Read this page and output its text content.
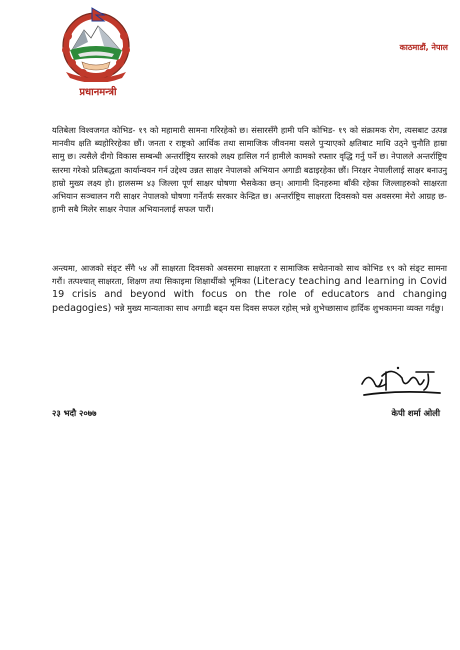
प्रधानमन्त्री
काठमाडौं, नेपाल
यतिबेला विश्वजगत कोभिड- १९ को महामारी सामना गरिरहेको छ। संसारसँगै हामी पनि कोभिड- १९ को संक्रामक रोग, त्यसबाट उत्पन्न मानवीय क्षति ब्यहोरिरहेका छौं। जनता र राष्ट्रको आर्थिक तथा सामाजिक जीवनमा यसले पुऱ्याएको क्षतिबाट माथि उठ्ने चुनौति हाम्रा सामु छ। त्यसैले दीगो विकास सम्बन्धी अन्तर्राष्ट्रिय स्तरको लक्ष्य हासिल गर्न हामीले कामको रफ्तार वृद्धि गर्नु पर्ने छ। नेपालले अन्तर्राष्ट्रिय स्तरमा गरेको प्रतिबद्धता कार्यान्वयन गर्न उद्देश्य उन्नत साक्षर नेपालको अभियान अगाडी बढाइरहेका छौं। निरक्षर नेपालीलाई साक्षर बनाउनु हाम्रो मुख्य लक्ष्य हो। हालसम्म ४३ जिल्ला पूर्ण साक्षर घोषणा भैसकेका छन्। आगामी दिनहरुमा बाँकी रहेका जिल्लाहरुको साक्षरता अभियान सञ्चालन गरी साक्षर नेपालको घोषणा गर्नेतर्फ सरकार केन्द्रित छ। अन्तर्राष्ट्रिय साक्षरता दिवसको यस अवसरमा मेरो आग्रह छ- हामी सबै मिलेर साक्षर नेपाल अभियानलाई सफल पारौं।
अन्त्यमा, आजको संङ्ट सँगै ५४ औं साक्षरता दिवसको अवसरमा साक्षरता र सामाजिक सचेतनाको साथ कोभिड १९ को संङ्ट सामना गरौं। तत्पश्चात् साक्षरता, शिक्षण तथा सिकाइमा शिक्षार्थीको भूमिका (Literacy teaching and learning in Covid 19 crisis and beyond with focus on the role of educators and changing pedagogies) भन्ने मुख्य मान्यताका साथ अगाडी बढ्न यस दिवस सफल रहोस् भन्ने शुभेच्छासाथ हार्दिक शुभकामना व्यक्त गर्दछु।
२३ भदौ २०७७	केपी शर्मा ओली
